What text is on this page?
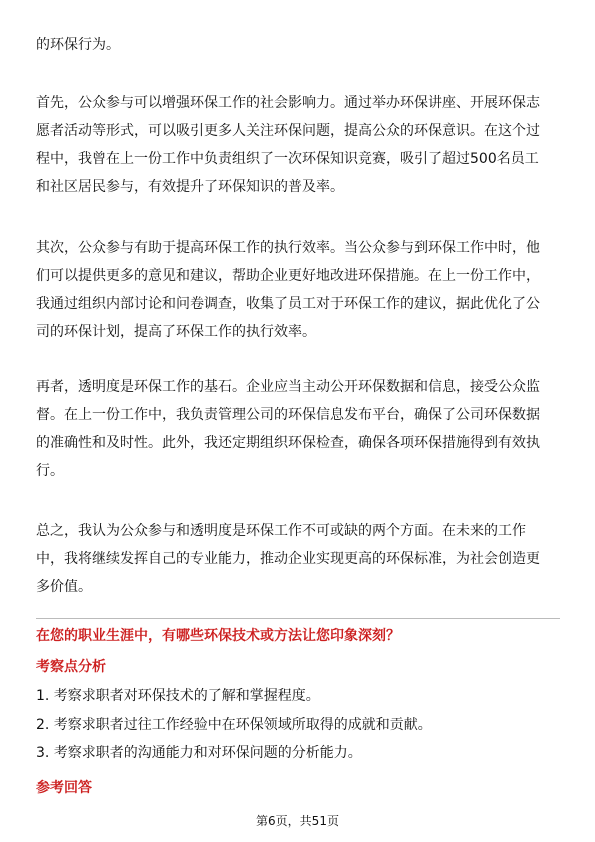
的环保行为。

首先，公众参与可以增强环保工作的社会影响力。通过举办环保讲座、开展环保志
愿者活动等形式，可以吸引更多人关注环保问题，提高公众的环保意识。在这个过
程中，我曾在上一份工作中负责组织了一次环保知识竞赛，吸引了超过500名员工
和社区居民参与，有效提升了环保知识的普及率。

其次，公众参与有助于提高环保工作的执行效率。当公众参与到环保工作中时，他
们可以提供更多的意见和建议，帮助企业更好地改进环保措施。在上一份工作中，
我通过组织内部讨论和问卷调查，收集了员工对于环保工作的建议，据此优化了公
司的环保计划，提高了环保工作的执行效率。

再者，透明度是环保工作的基石。企业应当主动公开环保数据和信息，接受公众监
督。在上一份工作中，我负责管理公司的环保信息发布平台，确保了公司环保数据
的准确性和及时性。此外，我还定期组织环保检查，确保各项环保措施得到有效执
行。

总之，我认为公众参与和透明度是环保工作不可或缺的两个方面。在未来的工作
中，我将继续发挥自己的专业能力，推动企业实现更高的环保标准，为社会创造更
多价值。

在您的职业生涯中，有哪些环保技术或方法让您印象深刻？
考察点分析
1. 考察求职者对环保技术的了解和掌握程度。
2. 考察求职者过往工作经验中在环保领域所取得的成就和贡献。
3. 考察求职者的沟通能力和对环保问题的分析能力。
参考回答
第6页，共51页
